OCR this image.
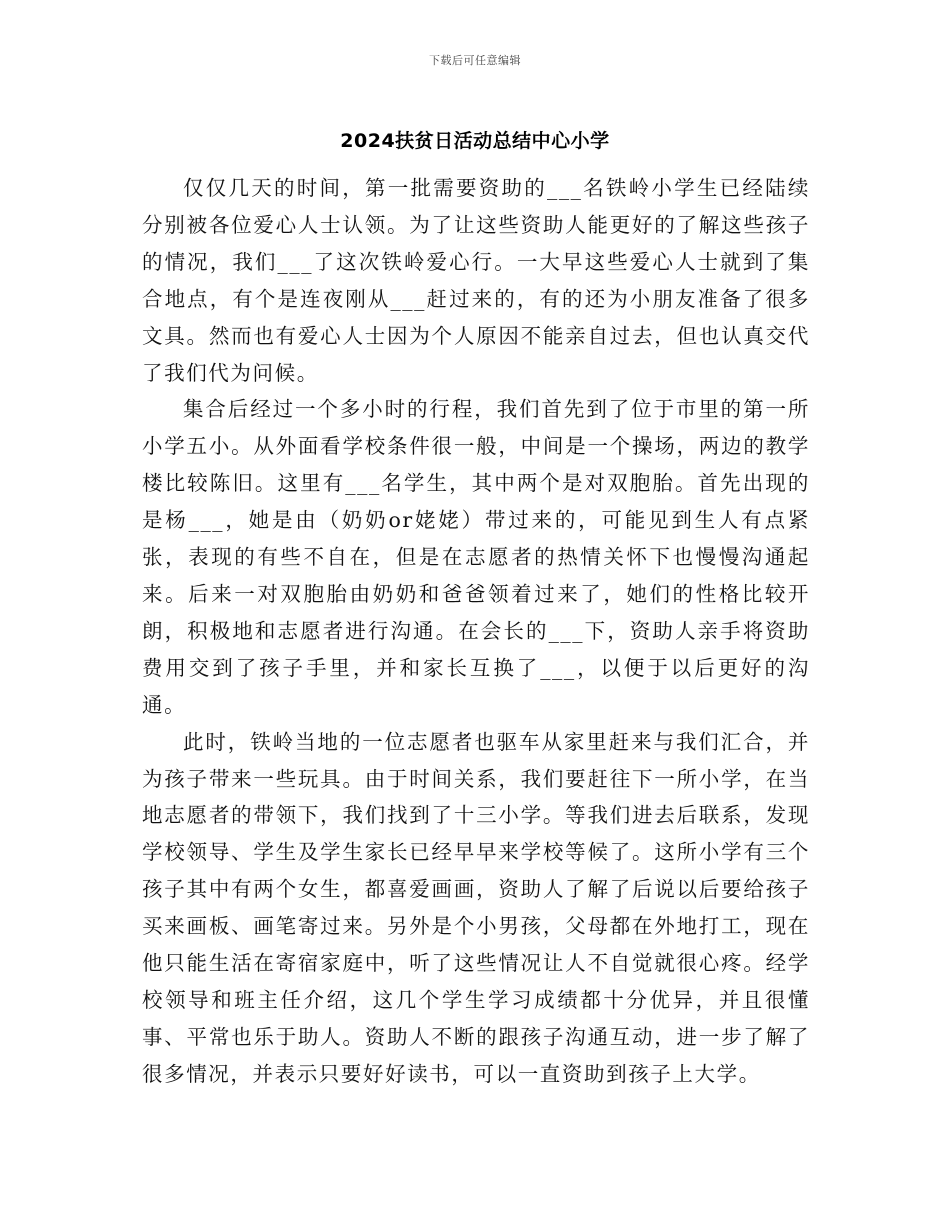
下载后可任意编辑
2024扶贫日活动总结中心小学

仅仅几天的时间，第一批需要资助的___名铁岭小学生已经陆续分别被各位爱心人士认领。为了让这些资助人能更好的了解这些孩子的情况，我们___了这次铁岭爱心行。一大早这些爱心人士就到了集合地点，有个是连夜刚从___赶过来的，有的还为小朋友准备了很多文具。然而也有爱心人士因为个人原因不能亲自过去，但也认真交代了我们代为问候。

集合后经过一个多小时的行程，我们首先到了位于市里的第一所小学五小。从外面看学校条件很一般，中间是一个操场，两边的教学楼比较陈旧。这里有___名学生，其中两个是对双胞胎。首先出现的是杨___，她是由（奶奶or姥姥）带过来的，可能见到生人有点紧张，表现的有些不自在，但是在志愿者的热情关怀下也慢慢沟通起来。后来一对双胞胎由奶奶和爸爸领着过来了，她们的性格比较开朗，积极地和志愿者进行沟通。在会长的___下，资助人亲手将资助费用交到了孩子手里，并和家长互换了___，以便于以后更好的沟通。

此时，铁岭当地的一位志愿者也驱车从家里赶来与我们汇合，并为孩子带来一些玩具。由于时间关系，我们要赶往下一所小学，在当地志愿者的带领下，我们找到了十三小学。等我们进去后联系，发现学校领导、学生及学生家长已经早早来学校等候了。这所小学有三个孩子其中有两个女生，都喜爱画画，资助人了解了后说以后要给孩子买来画板、画笔寄过来。另外是个小男孩，父母都在外地打工，现在他只能生活在寄宿家庭中，听了这些情况让人不自觉就很心疼。经学校领导和班主任介绍，这几个学生学习成绩都十分优异，并且很懂事、平常也乐于助人。资助人不断的跟孩子沟通互动，进一步了解了很多情况，并表示只要好好读书，可以一直资助到孩子上大学。
